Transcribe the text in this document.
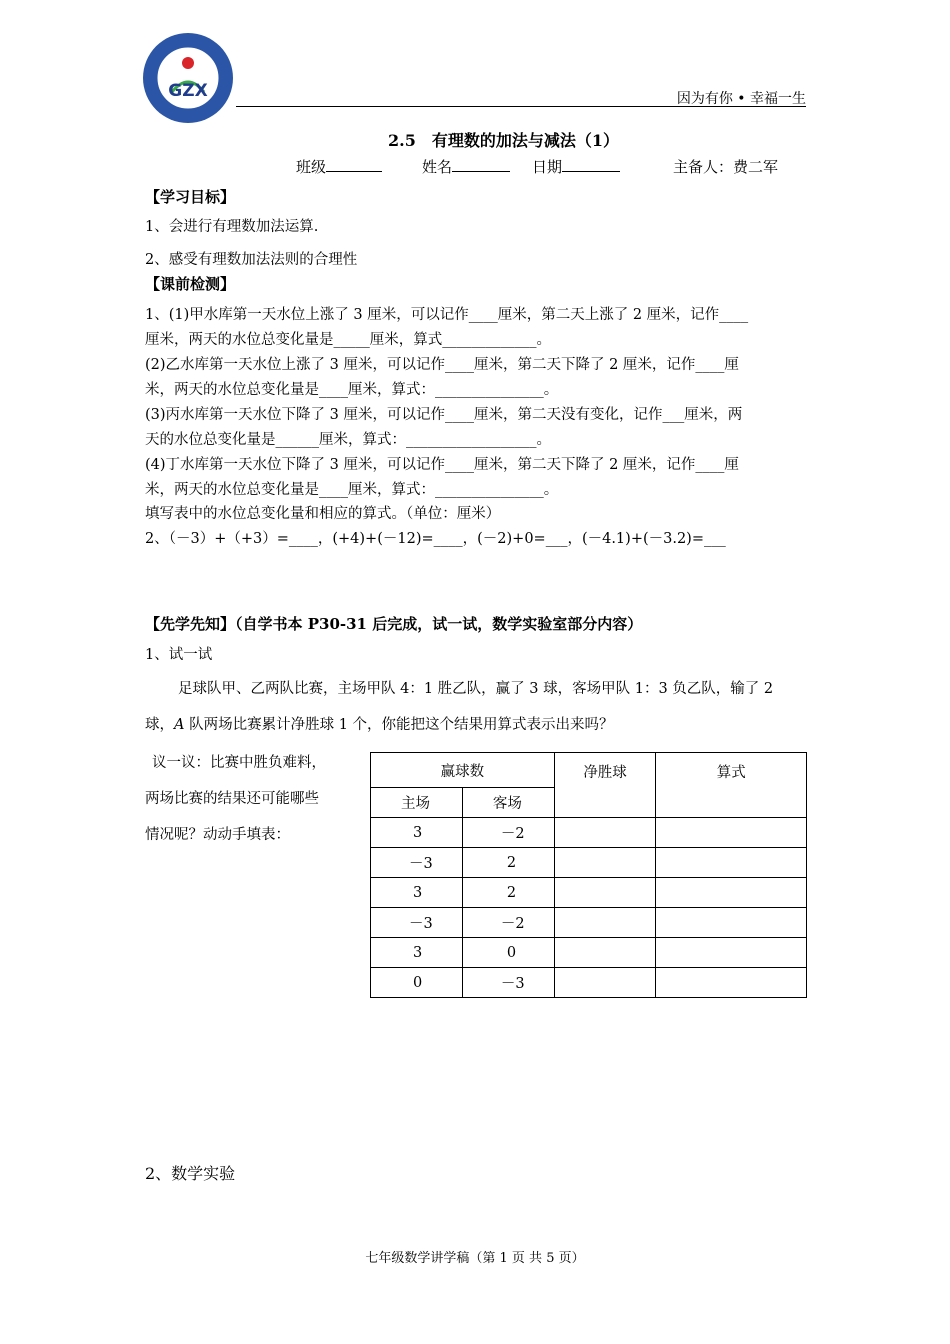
GZX	因为有你 • 幸福一生
2.5　有理数的加法与减法（1）
班级	姓名	日期	主备人：费二军
【学习目标】
1、会进行有理数加法运算.
2、感受有理数加法法则的合理性
【课前检测】
1、(1)甲水库第一天水位上涨了 3 厘米，可以记作____厘米，第二天上涨了 2 厘米，记作____
厘米，两天的水位总变化量是_____厘米，算式_____________。
(2)乙水库第一天水位上涨了 3 厘米，可以记作____厘米，第二天下降了 2 厘米，记作____厘
米，两天的水位总变化量是____厘米，算式：_______________。
(3)丙水库第一天水位下降了 3 厘米，可以记作____厘米，第二天没有变化，记作___厘米，两
天的水位总变化量是______厘米，算式：__________________。
(4)丁水库第一天水位下降了 3 厘米，可以记作____厘米，第二天下降了 2 厘米，记作____厘
米，两天的水位总变化量是____厘米，算式：_______________。
填写表中的水位总变化量和相应的算式。（单位：厘米）
2、（－3）+（+3）=____，(+4)+(－12)=____，(－2)+0=___，(－4.1)+(－3.2)=___
【先学先知】（自学书本 P30-31 后完成，试一试，数学实验室部分内容）
1、试一试
足球队甲、乙两队比赛，主场甲队 4：1 胜乙队，赢了 3 球，客场甲队 1：3 负乙队，输了 2
球，A 队两场比赛累计净胜球 1 个，你能把这个结果用算式表示出来吗？
议一议：比赛中胜负难料，
两场比赛的结果还可能哪些
情况呢？动动手填表：
赢球数		净胜球	算式
主场	客场		
3	－2		
－3	2		
3	2		
－3	－2		
3	0		
0	－3		
2、数学实验
七年级数学讲学稿（第 1 页 共 5 页）
